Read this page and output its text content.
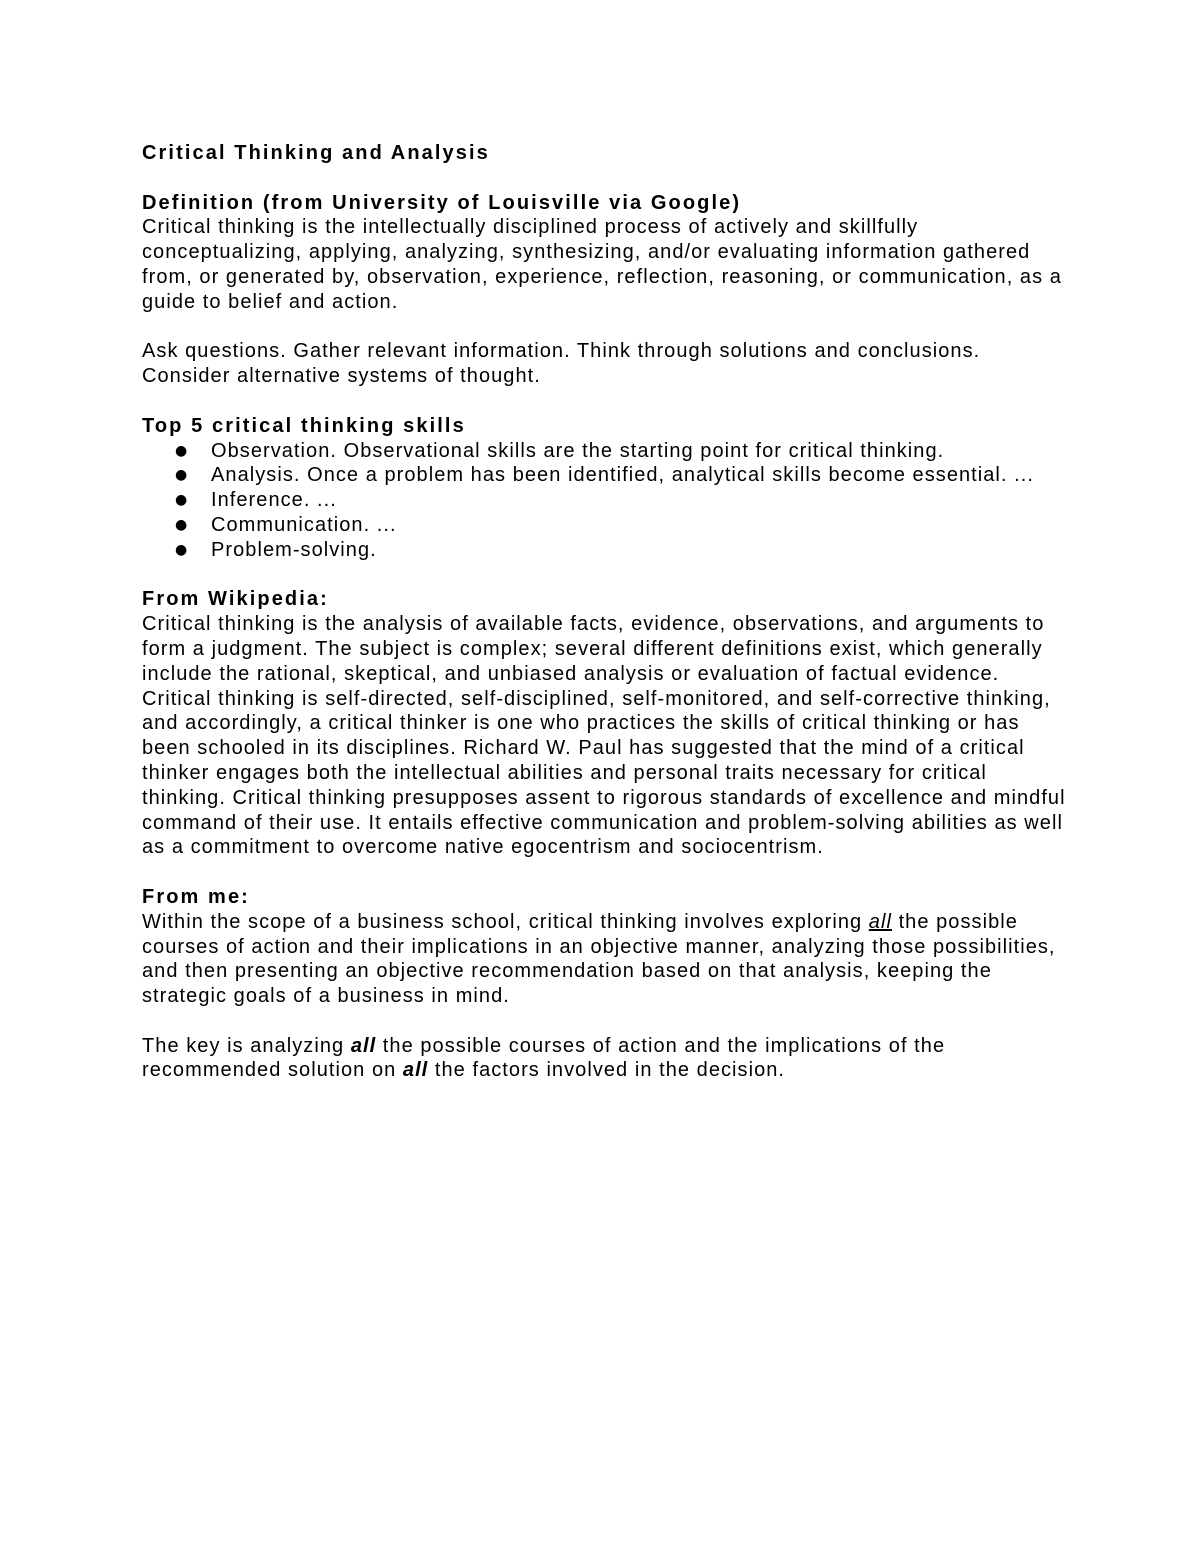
Critical Thinking and Analysis
Definition (from University of Louisville via Google)

Critical thinking is the intellectually disciplined process of actively and skillfully conceptualizing, applying, analyzing, synthesizing, and/or evaluating information gathered from, or generated by, observation, experience, reflection, reasoning, or communication, as a guide to belief and action.

Ask questions. Gather relevant information. Think through solutions and conclusions. Consider alternative systems of thought.

Top 5 critical thinking skills
● Observation. Observational skills are the starting point for critical thinking.
● Analysis. Once a problem has been identified, analytical skills become essential. ...
● Inference. ...
● Communication. ...
● Problem-solving.
From Wikipedia:

Critical thinking is the analysis of available facts, evidence, observations, and arguments to form a judgment. The subject is complex; several different definitions exist, which generally include the rational, skeptical, and unbiased analysis or evaluation of factual evidence. Critical thinking is self-directed, self-disciplined, self-monitored, and self-corrective thinking, and accordingly, a critical thinker is one who practices the skills of critical thinking or has been schooled in its disciplines. Richard W. Paul has suggested that the mind of a critical thinker engages both the intellectual abilities and personal traits necessary for critical thinking. Critical thinking presupposes assent to rigorous standards of excellence and mindful command of their use. It entails effective communication and problem-solving abilities as well as a commitment to overcome native egocentrism and sociocentrism.

From me:

Within the scope of a business school, critical thinking involves exploring all the possible courses of action and their implications in an objective manner, analyzing those possibilities, and then presenting an objective recommendation based on that analysis, keeping the strategic goals of a business in mind.

The key is analyzing all the possible courses of action and the implications of the recommended solution on all the factors involved in the decision.
